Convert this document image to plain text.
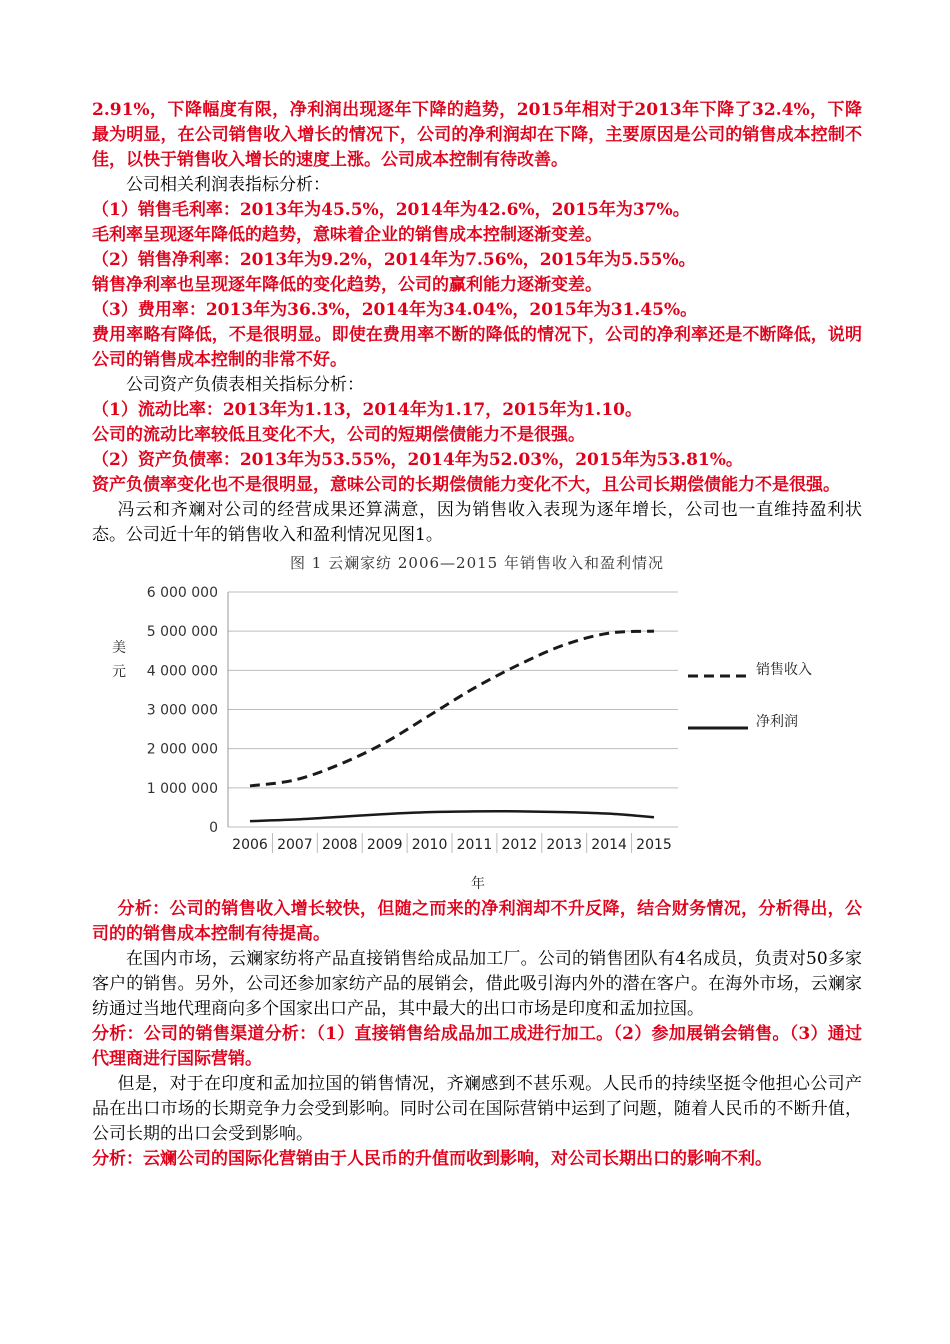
2.91%，下降幅度有限，净利润出现逐年下降的趋势，2015年相对于2013年下降了32.4%，下降最为明显，在公司销售收入增长的情况下，公司的净利润却在下降，主要原因是公司的销售成本控制不佳，以快于销售收入增长的速度上涨。公司成本控制有待改善。

公司相关利润表指标分析：

（1）销售毛利率：2013年为45.5%，2014年为42.6%，2015年为37%。

毛利率呈现逐年降低的趋势，意味着企业的销售成本控制逐渐变差。

（2）销售净利率：2013年为9.2%，2014年为7.56%，2015年为5.55%。

销售净利率也呈现逐年降低的变化趋势，公司的赢利能力逐渐变差。

（3）费用率：2013年为36.3%，2014年为34.04%，2015年为31.45%。

费用率略有降低，不是很明显。即使在费用率不断的降低的情况下，公司的净利率还是不断降低，说明公司的销售成本控制的非常不好。

公司资产负债表相关指标分析：

（1）流动比率：2013年为1.13，2014年为1.17，2015年为1.10。

公司的流动比率较低且变化不大，公司的短期偿债能力不是很强。

（2）资产负债率：2013年为53.55%，2014年为52.03%，2015年为53.81%。

资产负债率变化也不是很明显，意味公司的长期偿债能力变化不大，且公司长期偿债能力不是很强。

冯云和齐斓对公司的经营成果还算满意，因为销售收入表现为逐年增长，公司也一直维持盈利状态。公司近十年的销售收入和盈利情况见图1。

图 1 云斓家纺 2006—2015 年销售收入和盈利情况
6 000 000
5 000 000
4 000 000
3 000 000
2 000 000
1 000 000
0
2006 2007 2008 2009 2010 2011 2012 2013 2014 2015
销售收入
净利润
美
元
年

分析：公司的销售收入增长较快，但随之而来的净利润却不升反降，结合财务情况，分析得出，公司的的销售成本控制有待提高。

在国内市场，云斓家纺将产品直接销售给成品加工厂。公司的销售团队有4名成员，负责对50多家客户的销售。另外，公司还参加家纺产品的展销会，借此吸引海内外的潜在客户。在海外市场，云斓家纺通过当地代理商向多个国家出口产品，其中最大的出口市场是印度和孟加拉国。

分析：公司的销售渠道分析：（1）直接销售给成品加工成进行加工。（2）参加展销会销售。（3）通过代理商进行国际营销。

但是，对于在印度和孟加拉国的销售情况，齐斓感到不甚乐观。人民币的持续坚挺令他担心公司产品在出口市场的长期竞争力会受到影响。同时公司在国际营销中运到了问题，随着人民币的不断升值，公司长期的出口会受到影响。

分析：云斓公司的国际化营销由于人民币的升值而收到影响，对公司长期出口的影响不利。
